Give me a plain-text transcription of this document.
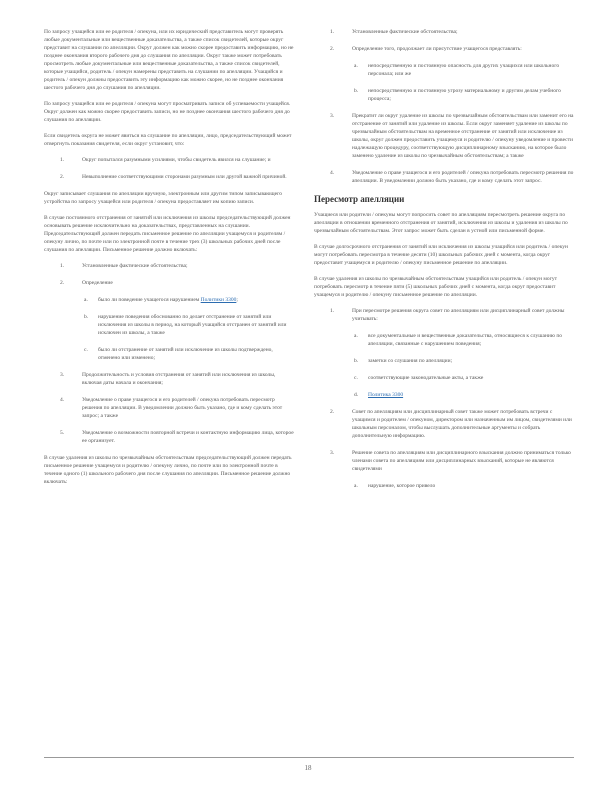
По запросу учащейся или ее родителя / опекуна, или их юридический представитель могут проверять любые документальные или вещественные доказательства, а также список свидетелей, которые округ представит на слушании по апелляции. Округ должен как можно скорее предоставить информацию, но не позднее окончания второго рабочего дня до слушания по апелляции. Округ также может потребовать просмотреть любые документальные или вещественные доказательства, а также список свидетелей, которые учащийся, родитель / опекун намерены представить на слушании по апелляции. Учащийся и родитель / опекун должны предоставить эту информацию как можно скорее, но не позднее окончания шестого рабочего дня до слушания по апелляции.

По запросу учащейся или ее родителя / опекуна могут просматривать записи об успеваемости учащейся. Округ должен как можно скорее предоставить записи, но не позднее окончания шестого рабочего дня до слушания по апелляции.

Если свидетель округа не может явиться на слушание по апелляции, лицо, председательствующий может отвергнуть показания свидетеля, если округ установит, что:

1.	Округ попытался разумными усилиями, чтобы свидетель явился на слушание; и
2.	Невыполнение соответствующими сторонами разумным или другой важной причиной.

Округ записывает слушания по апелляции вручную, электронным или другим типом записывающего устройства по запросу учащейся или родителя / опекуна предоставляет им копию записи.

В случае постоянного отстранения от занятий или исключения из школы председательствующий должен основывать решение исключительно на доказательствах, представленных на слушании. Председательствующий должен передать письменное решение по апелляции учащемуся и родителям / опекуну лично, по почте или по электронной почте в течение трех (3) школьных рабочих дней после слушания по апелляции. Письменное решение должно включать:

1.	Установленные фактические обстоятельства;
2.	Определение
a.	было ли поведение учащегося нарушением Политики 3300;
b.	нарушение поведения обоснованно по делает отстранение от занятий или исключения из школы в период, на который учащийся отстранен от занятий или исключен из школы, а также
c.	было ли отстранение от занятий или исключение из школы подтверждено, отменено или изменено;
3.	Продолжительность и условия отстранения от занятий или исключения из школы, включая даты начала и окончания;
4.	Уведомление о праве учащегося и его родителей / опекуна потребовать пересмотр решения по апелляции. В уведомлении должно быть указано, где и кому сделать этот запрос; а также
5.	Уведомление о возможности повторной встречи и контактную информацию лица, которое ее организует.

В случае удаления из школы по чрезвычайным обстоятельствам председательствующий должен передать письменное решение учащемуся и родителю / опекуну лично, по почте или по электронной почте в течение одного (1) школьного рабочего дня после слушания по апелляции. Письменное решение должно включать:

1.	Установленные фактические обстоятельства;
2.	Определение того, продолжает ли присутствие учащегося представлять:
a.	непосредственную и постоянную опасность для других учащихся или школьного персонала; или же
b.	непосредственную и постоянную угрозу материальному и другим делам учебного процесса;
3.	Прекратит ли округ удаление из школы по чрезвычайным обстоятельствам или заменит его на отстранение от занятий или удаление из школы. Если округ заменяет удаление из школы по чрезвычайным обстоятельствам на временное отстранение от занятий или исключение из школы, округ должен предоставить учащемуся и родителю / опекуну уведомление и провести надлежащую процедуру, соответствующую дисциплинарному взысканию, на которое было заменено удаление из школы по чрезвычайным обстоятельствам; а также
4.	Уведомление о праве учащегося и его родителей / опекуна потребовать пересмотр решения по апелляции. В уведомлении должно быть указано, где и кому сделать этот запрос.
Пересмотр апелляции

Учащиеся или родители / опекуны могут попросить совет по апелляциям пересмотреть решение округа по апелляции в отношении временного отстранения от занятий, исключения из школы и удаления из школы по чрезвычайным обстоятельствам. Этот запрос может быть сделан в устной или письменной форме.

В случае долгосрочного отстранения от занятий или исключения из школы учащийся или родитель / опекун могут потребовать пересмотра в течение десяти (10) школьных рабочих дней с момента, когда округ предоставит учащемуся и родителю / опекуну письменное решение по апелляции.

В случае удаления из школы по чрезвычайным обстоятельствам учащийся или родитель / опекун могут потребовать пересмотр в течение пяти (5) школьных рабочих дней с момента, когда округ предоставит учащемуся и родителю / опекуну письменное решение по апелляции.

1.	При пересмотре решения округа совет по апелляциям или дисциплинарный совет должны учитывать:
a.	все документальные и вещественные доказательства, относящиеся к слушанию по апелляции, связанные с нарушением поведения;
b.	заметки со слушания по апелляции;
c.	соответствующие законодательные акты, а также
d.	Политика 3300
2.	Совет по апелляциям или дисциплинарный совет также может потребовать встречи с учащимся и родителем / опекуном, директором или назначенным им лицом, свидетелями или школьным персоналом, чтобы выслушать дополнительные аргументы и собрать дополнительную информацию.
3.	Решение совета по апелляциям или дисциплинарного взыскания должно приниматься только членами совета по апелляциям или дисциплинарных взысканий, которые не являются свидетелями
a.	нарушение, которое привело
18
